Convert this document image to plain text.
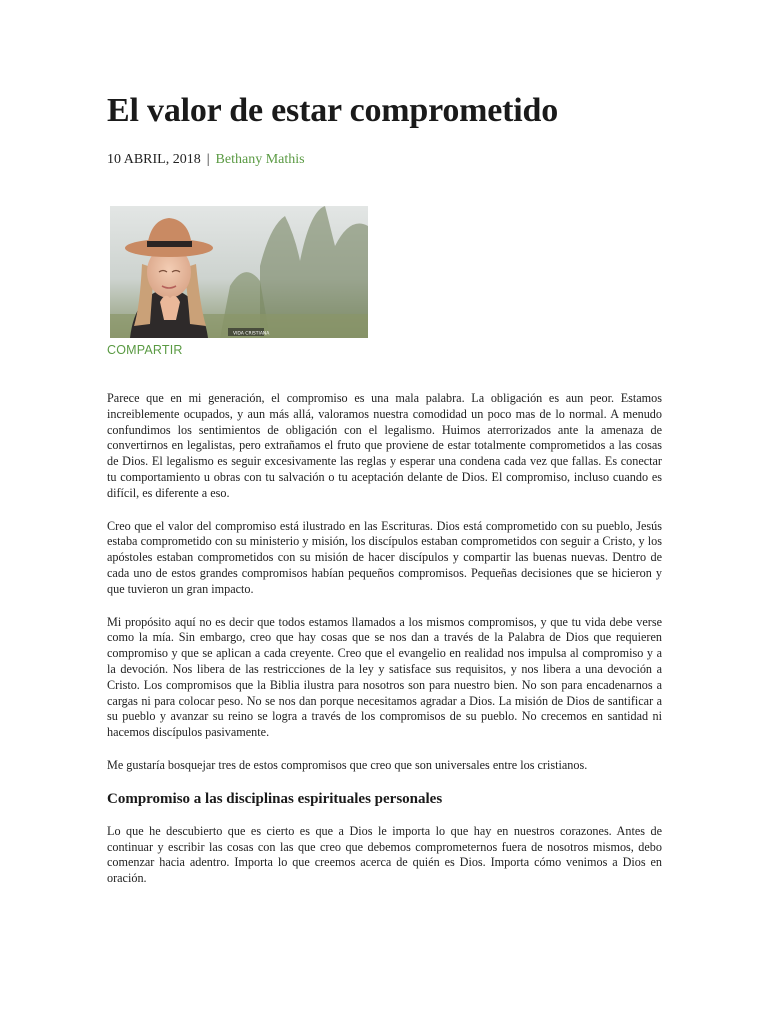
El valor de estar comprometido
10 ABRIL, 2018 | Bethany Mathis
VIDA CRISTIANA
COMPARTIR

Parece que en mi generación, el compromiso es una mala palabra. La obligación es aun peor. Estamos increiblemente ocupados, y aun más allá, valoramos nuestra comodidad un poco mas de lo normal. A menudo confundimos los sentimientos de obligación con el legalismo. Huimos aterrorizados ante la amenaza de convertirnos en legalistas, pero extrañamos el fruto que proviene de estar totalmente comprometidos a las cosas de Dios. El legalismo es seguir excesivamente las reglas y esperar una condena cada vez que fallas. Es conectar tu comportamiento u obras con tu salvación o tu aceptación delante de Dios. El compromiso, incluso cuando es difícil, es diferente a eso.

Creo que el valor del compromiso está ilustrado en las Escrituras. Dios está comprometido con su pueblo, Jesús estaba comprometido con su ministerio y misión, los discípulos estaban comprometidos con seguir a Cristo, y los apóstoles estaban comprometidos con su misión de hacer discípulos y compartir las buenas nuevas. Dentro de cada uno de estos grandes compromisos habían pequeños compromisos. Pequeñas decisiones que se hicieron y que tuvieron un gran impacto.

Mi propósito aquí no es decir que todos estamos llamados a los mismos compromisos, y que tu vida debe verse como la mía. Sin embargo, creo que hay cosas que se nos dan a través de la Palabra de Dios que requieren compromiso y que se aplican a cada creyente. Creo que el evangelio en realidad nos impulsa al compromiso y a la devoción. Nos libera de las restricciones de la ley y satisface sus requisitos, y nos libera a una devoción a Cristo. Los compromisos que la Biblia ilustra para nosotros son para nuestro bien. No son para encadenarnos a cargas ni para colocar peso. No se nos dan porque necesitamos agradar a Dios. La misión de Dios de santificar a su pueblo y avanzar su reino se logra a través de los compromisos de su pueblo. No crecemos en santidad ni hacemos discípulos pasivamente.

Me gustaría bosquejar tres de estos compromisos que creo que son universales entre los cristianos.

Compromiso a las disciplinas espirituales personales

Lo que he descubierto que es cierto es que a Dios le importa lo que hay en nuestros corazones. Antes de continuar y escribir las cosas con las que creo que debemos comprometernos fuera de nosotros mismos, debo comenzar hacia adentro. Importa lo que creemos acerca de quién es Dios. Importa cómo venimos a Dios en oración.
